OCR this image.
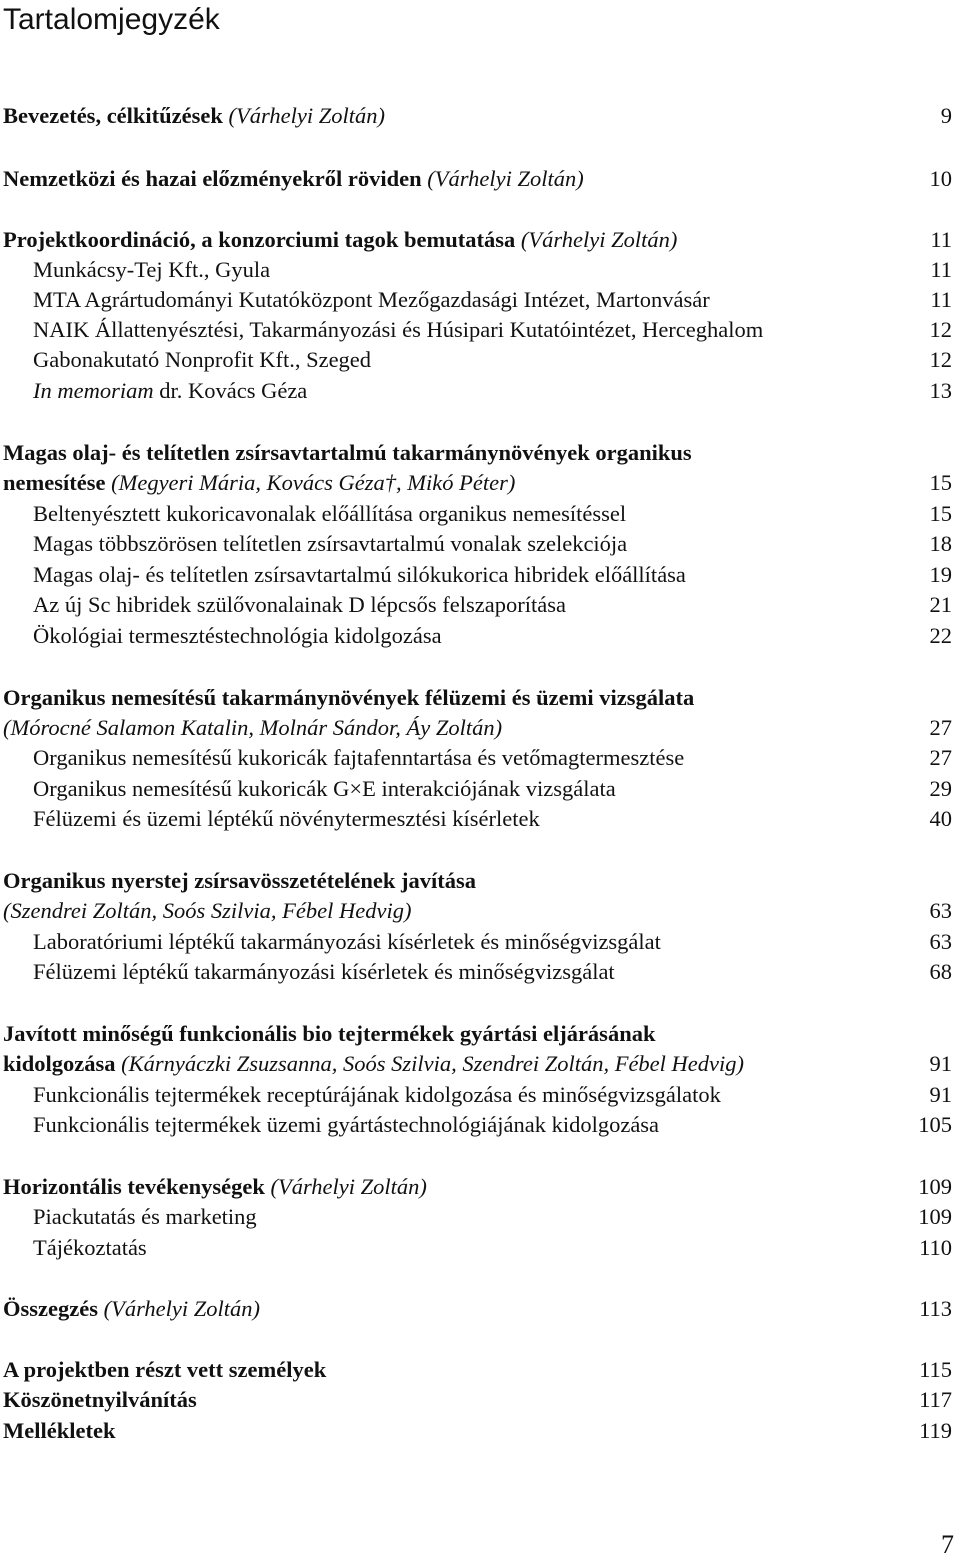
Tartalomjegyzék
Bevezetés, célkitűzések (Várhelyi Zoltán)	9
Nemzetközi és hazai előzményekről röviden (Várhelyi Zoltán)	10
Projektkoordináció, a konzorciumi tagok bemutatása (Várhelyi Zoltán)	11
Munkácsy-Tej Kft., Gyula	11
MTA Agrártudományi Kutatóközpont Mezőgazdasági Intézet, Martonvásár	11
NAIK Állattenyésztési, Takarmányozási és Húsipari Kutatóintézet, Herceghalom	12
Gabonakutató Nonprofit Kft., Szeged	12
In memoriam dr. Kovács Géza	13
Magas olaj- és telítetlen zsírsavtartalmú takarmánynövények organikus
nemesítése (Megyeri Mária, Kovács Géza†, Mikó Péter)	15
Beltenyésztett kukoricavonalak előállítása organikus nemesítéssel	15
Magas többszörösen telítetlen zsírsavtartalmú vonalak szelekciója	18
Magas olaj- és telítetlen zsírsavtartalmú silókukorica hibridek előállítása	19
Az új Sc hibridek szülővonalainak D lépcsős felszaporítása	21
Ökológiai termesztéstechnológia kidolgozása	22
Organikus nemesítésű takarmánynövények félüzemi és üzemi vizsgálata
(Mórocné Salamon Katalin, Molnár Sándor, Áy Zoltán)	27
Organikus nemesítésű kukoricák fajtafenntartása és vetőmagtermesztése	27
Organikus nemesítésű kukoricák G×E interakciójának vizsgálata	29
Félüzemi és üzemi léptékű növénytermesztési kísérletek	40
Organikus nyerstej zsírsavösszetételének javítása
(Szendrei Zoltán, Soós Szilvia, Fébel Hedvig)	63
Laboratóriumi léptékű takarmányozási kísérletek és minőségvizsgálat	63
Félüzemi léptékű takarmányozási kísérletek és minőségvizsgálat	68
Javított minőségű funkcionális bio tejtermékek gyártási eljárásának
kidolgozása (Kárnyáczki Zsuzsanna, Soós Szilvia, Szendrei Zoltán, Fébel Hedvig)	91
Funkcionális tejtermékek receptúrájának kidolgozása és minőségvizsgálatok	91
Funkcionális tejtermékek üzemi gyártástechnológiájának kidolgozása	105
Horizontális tevékenységek (Várhelyi Zoltán)	109
Piackutatás és marketing	109
Tájékoztatás	110
Összegzés (Várhelyi Zoltán)	113
A projektben részt vett személyek	115
Köszönetnyilvánítás	117
Mellékletek	119
7
